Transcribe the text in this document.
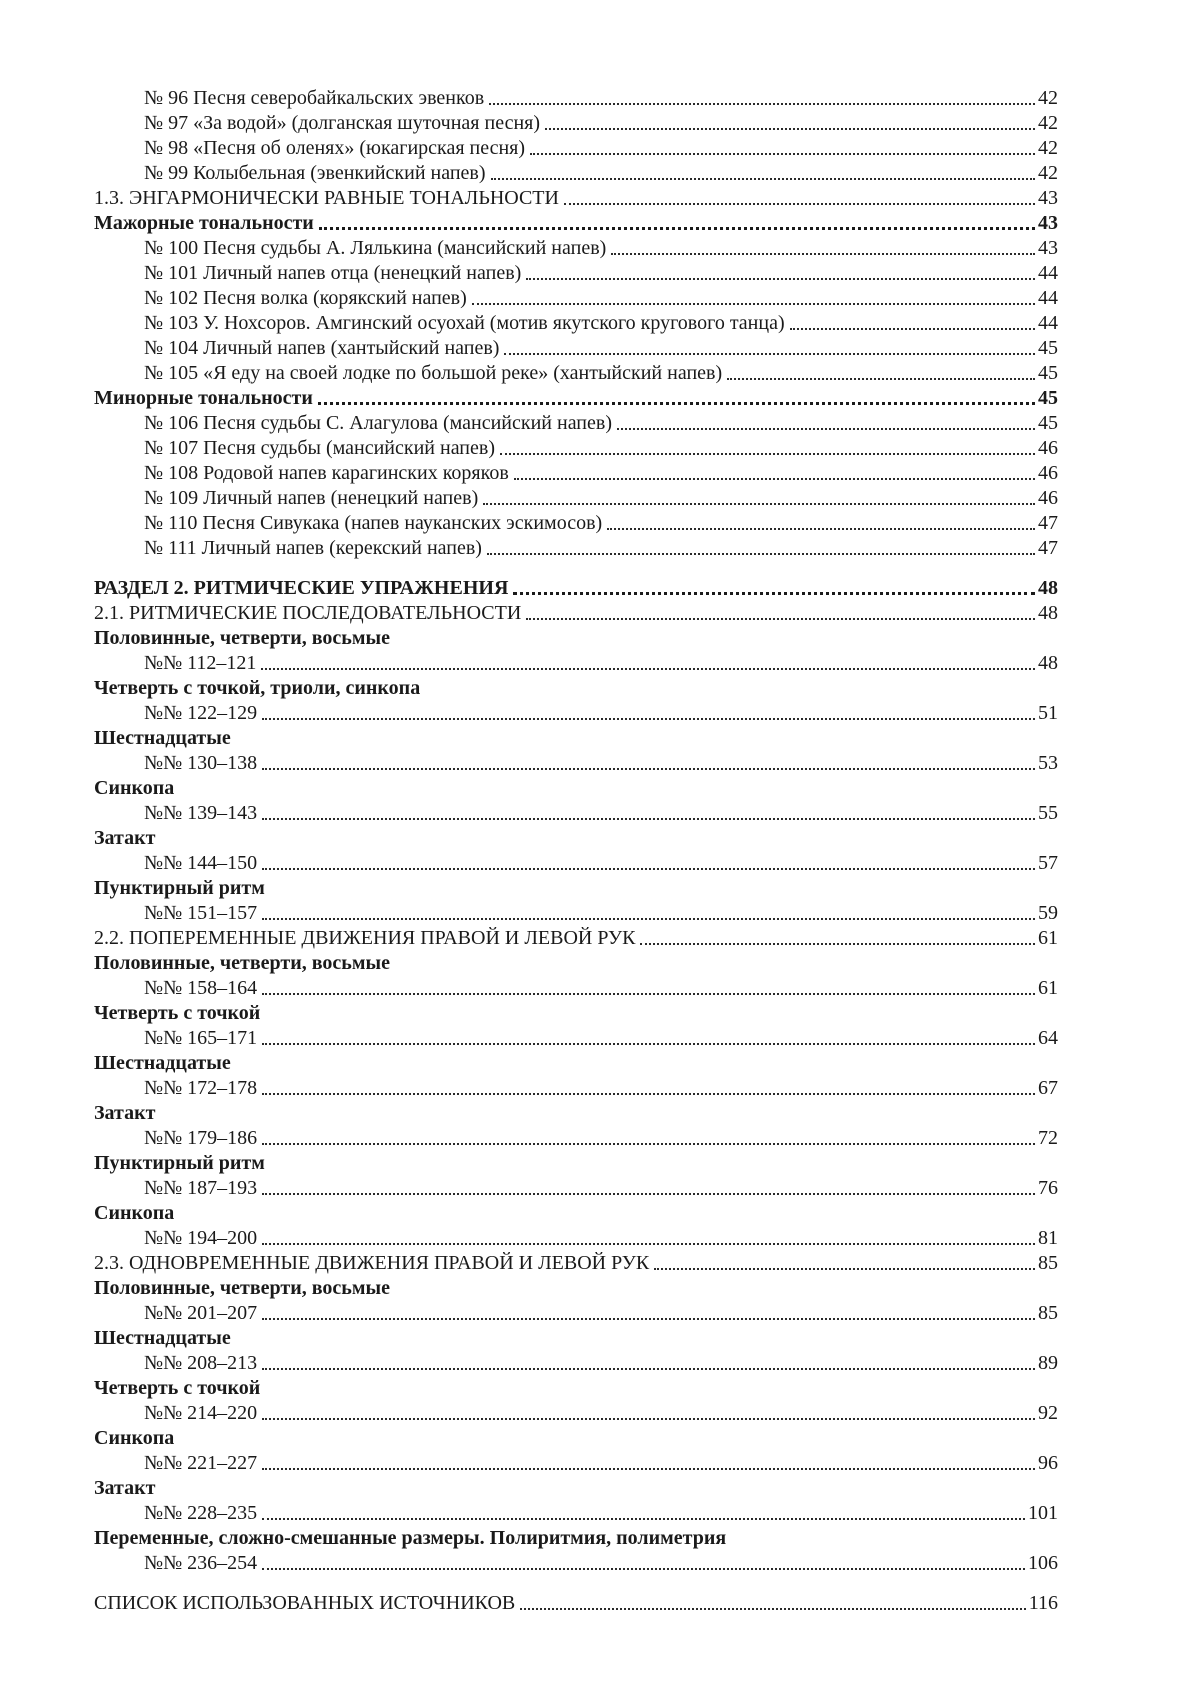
№ 96 Песня северобайкальских эвенков	42
№ 97 «За водой» (долганская шуточная песня)	42
№ 98 «Песня об оленях» (юкагирская песня)	42
№ 99 Колыбельная (эвенкийский напев)	42
1.3. ЭНГАРМОНИЧЕСКИ РАВНЫЕ ТОНАЛЬНОСТИ	43
Мажорные тональности	43
№ 100 Песня судьбы А. Лялькина (мансийский напев)	43
№ 101 Личный напев отца (ненецкий напев)	44
№ 102 Песня волка (корякский напев)	44
№ 103 У. Нохсоров. Амгинский осуохай (мотив якутского кругового танца)	44
№ 104 Личный напев (хантыйский напев)	45
№ 105 «Я еду на своей лодке по большой реке» (хантыйский напев)	45
Минорные тональности	45
№ 106 Песня судьбы С. Алагулова (мансийский напев)	45
№ 107 Песня судьбы (мансийский напев)	46
№ 108 Родовой напев карагинских коряков	46
№ 109 Личный напев (ненецкий напев)	46
№ 110 Песня Сивукака (напев науканских эскимосов)	47
№ 111 Личный напев (керекский напев)	47
РАЗДЕЛ 2. РИТМИЧЕСКИЕ УПРАЖНЕНИЯ	48
2.1. РИТМИЧЕСКИЕ ПОСЛЕДОВАТЕЛЬНОСТИ	48
Половинные, четверти, восьмые
№№ 112–121	48
Четверть с точкой, триоли, синкопа
№№ 122–129	51
Шестнадцатые
№№ 130–138	53
Синкопа
№№ 139–143	55
Затакт
№№ 144–150	57
Пунктирный ритм
№№ 151–157	59
2.2. ПОПЕРЕМЕННЫЕ ДВИЖЕНИЯ ПРАВОЙ И ЛЕВОЙ РУК	61
Половинные, четверти, восьмые
№№ 158–164	61
Четверть с точкой
№№ 165–171	64
Шестнадцатые
№№ 172–178	67
Затакт
№№ 179–186	72
Пунктирный ритм
№№ 187–193	76
Синкопа
№№ 194–200	81
2.3. ОДНОВРЕМЕННЫЕ ДВИЖЕНИЯ ПРАВОЙ И ЛЕВОЙ РУК	85
Половинные, четверти, восьмые
№№ 201–207	85
Шестнадцатые
№№ 208–213	89
Четверть с точкой
№№ 214–220	92
Синкопа
№№ 221–227	96
Затакт
№№ 228–235	101
Переменные, сложно-смешанные размеры. Полиритмия, полиметрия
№№ 236–254	106
СПИСОК ИСПОЛЬЗОВАННЫХ ИСТОЧНИКОВ	116
